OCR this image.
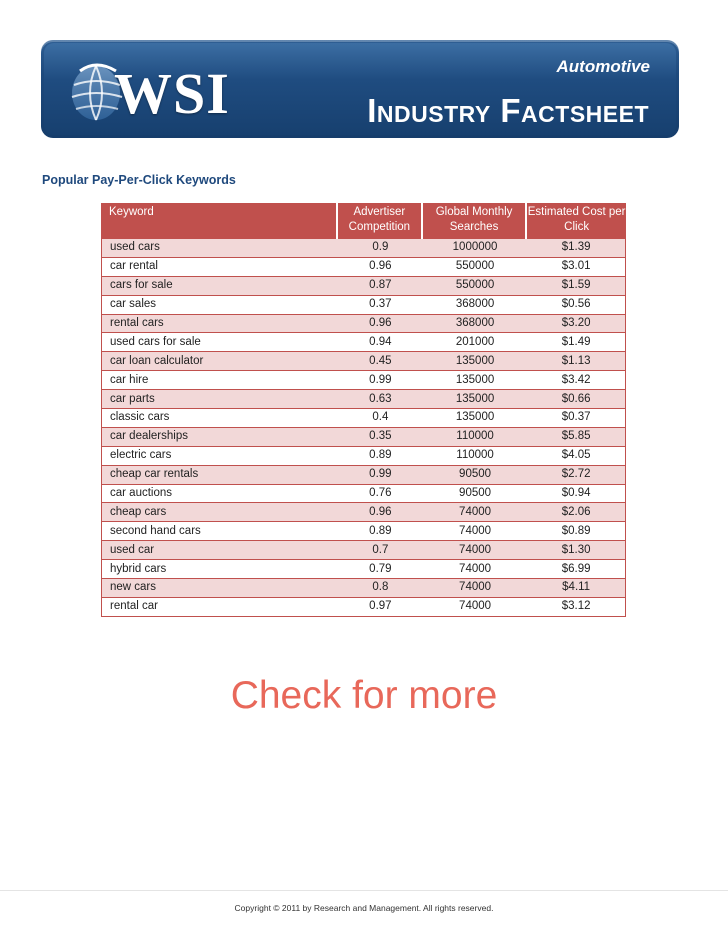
WSI	Automotive
Industry Factsheet
Popular Pay-Per-Click Keywords
Keyword	Advertiser Competition	Global Monthly Searches	Estimated Cost per Click
used cars	0.9	1000000	$1.39
car rental	0.96	550000	$3.01
cars for sale	0.87	550000	$1.59
car sales	0.37	368000	$0.56
rental cars	0.96	368000	$3.20
used cars for sale	0.94	201000	$1.49
car loan calculator	0.45	135000	$1.13
car hire	0.99	135000	$3.42
car parts	0.63	135000	$0.66
classic cars	0.4	135000	$0.37
car dealerships	0.35	110000	$5.85
electric cars	0.89	110000	$4.05
cheap car rentals	0.99	90500	$2.72
car auctions	0.76	90500	$0.94
cheap cars	0.96	74000	$2.06
second hand cars	0.89	74000	$0.89
used car	0.7	74000	$1.30
hybrid cars	0.79	74000	$6.99
new cars	0.8	74000	$4.11
rental car	0.97	74000	$3.12
Check for more
Copyright © 2011 by Research and Management. All rights reserved.
